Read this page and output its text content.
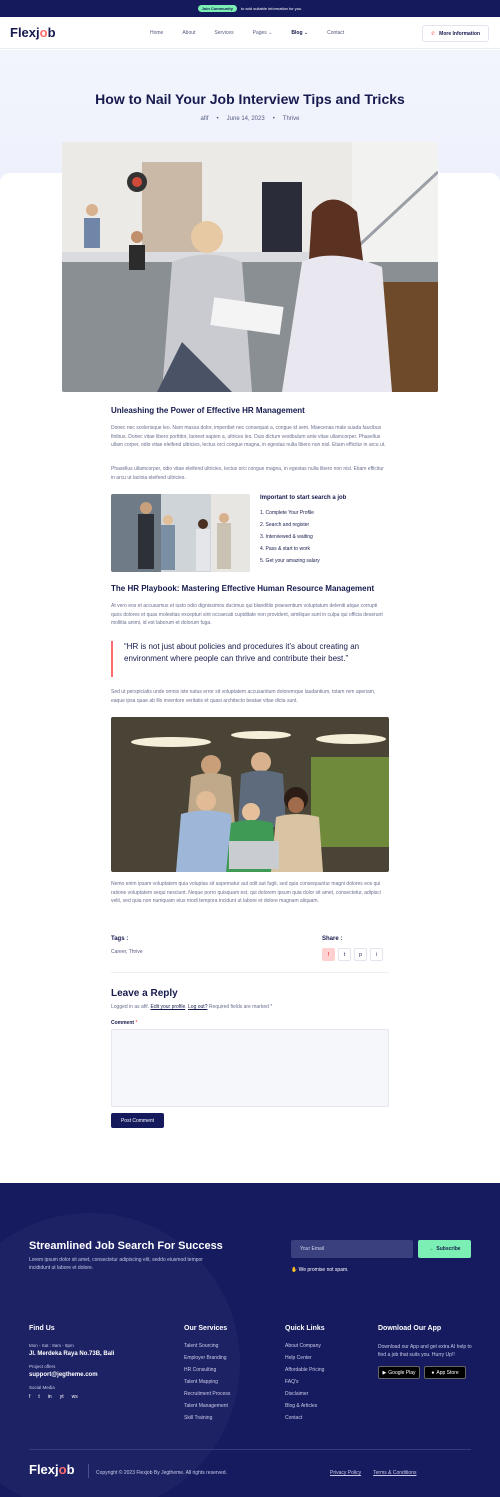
Join Community	to add suitable information for you.
Flexjob	Home	About	Services	Pages ⌄	Blog ⌄	Contact	✆ More Information
How to Nail Your Job Interview Tips and Tricks
afif • June 14, 2023 • Thrive
Unleashing the Power of Effective HR Management
Donec nec scelerisque leo. Nam massa dolor, imperdiet nec consequat a, congue id sem. Maecenas male suada faucibus finibus. Donec vitae libero porttitor, laoreet sapien a, ultrices leo. Duis dictum vestibulum ante vitae ullamcorper. Phasellus ullam corper, odio vitae eleifend ultricies, lectus orci congue magna, in egestas nulla libero non nisl. Etiam efficitur in arcu ut.
Phasellus ullamcorper, odio vitae eleifend ultricies, lectus orci congue magna, in egestas nulla libero non nisl. Etiam efficitur in arcu ut lacinia eleifend ultricies.
Important to start search a job
1. Complete Your Profile
2. Search and register
3. Interviewed & waiting
4. Pass & start to work
5. Get your amazing salary
The HR Playbook: Mastering Effective Human Resource Management
At vero eos et accusamus et iusto odio dignissimos ducimus qui blanditiis praesentium voluptatum deleniti atque corrupti quos dolores et quas molestias excepturi sint occaecati cupiditate non provident, similique sunt in culpa qui officia deserunt mollitia animi, id est laborum et dolorum fuga.
“HR is not just about policies and procedures it’s about creating an environment where people can thrive and contribute their best.”
Sed ut perspiciatis unde omnis iste natus error sit voluptatem accusantium doloremque laudantium, totam rem aperiam, eaque ipsa quae ab illo inventore veritatis et quasi architecto beatae vitae dicta sunt.
Nemo enim ipsam voluptatem quia voluptas sit aspernatur aut odit aut fugit, sed quia consequuntur magni dolores eos qui ratione voluptatem sequi nesciunt. Neque porro quisquam est, qui dolorem ipsum quia dolor sit amet, consectetur, adipisci velit, sed quia non numquam eius modi tempora incidunt ut labore et dolore magnam aliquam.
Tags :
Career, Thrive
Share :
f	t	p	i
Leave a Reply
Logged in as afif. Edit your profile. Log out? Required fields are marked *
Comment *
Post Comment
Streamlined Job Search For Success
Lorem ipsum dolor sit amet, consectetur adipiscing elit, seddo eiusmod tempor incididunt ut labore et dolore.
Your Email	→ Subscribe
✋ We promise not spam.
Find Us
Mon - Sat : 8am - 9pm
Jl. Merdeka Raya No.73B, Bali
Project offers
support@jegtheme.com
Social Media
f t in yt ws
Our Services
Talent Sourcing
Employer Branding
HR Consulting
Talent Mapping
Recruitment Process
Talent Management
Skill Training
Quick Links
About Company
Help Center
Affordable Pricing
FAQ's
Disclaimer
Blog & Articles
Contact
Download Our App
Download our App and get extra AI help to find a job that suits you. Hurry Up!!
▶ Google Play	● App Store
Flexjob	Copyright © 2023 Flexjob By Jegtheme. All rights reserved.	Privacy Policy Terms & Conditions
